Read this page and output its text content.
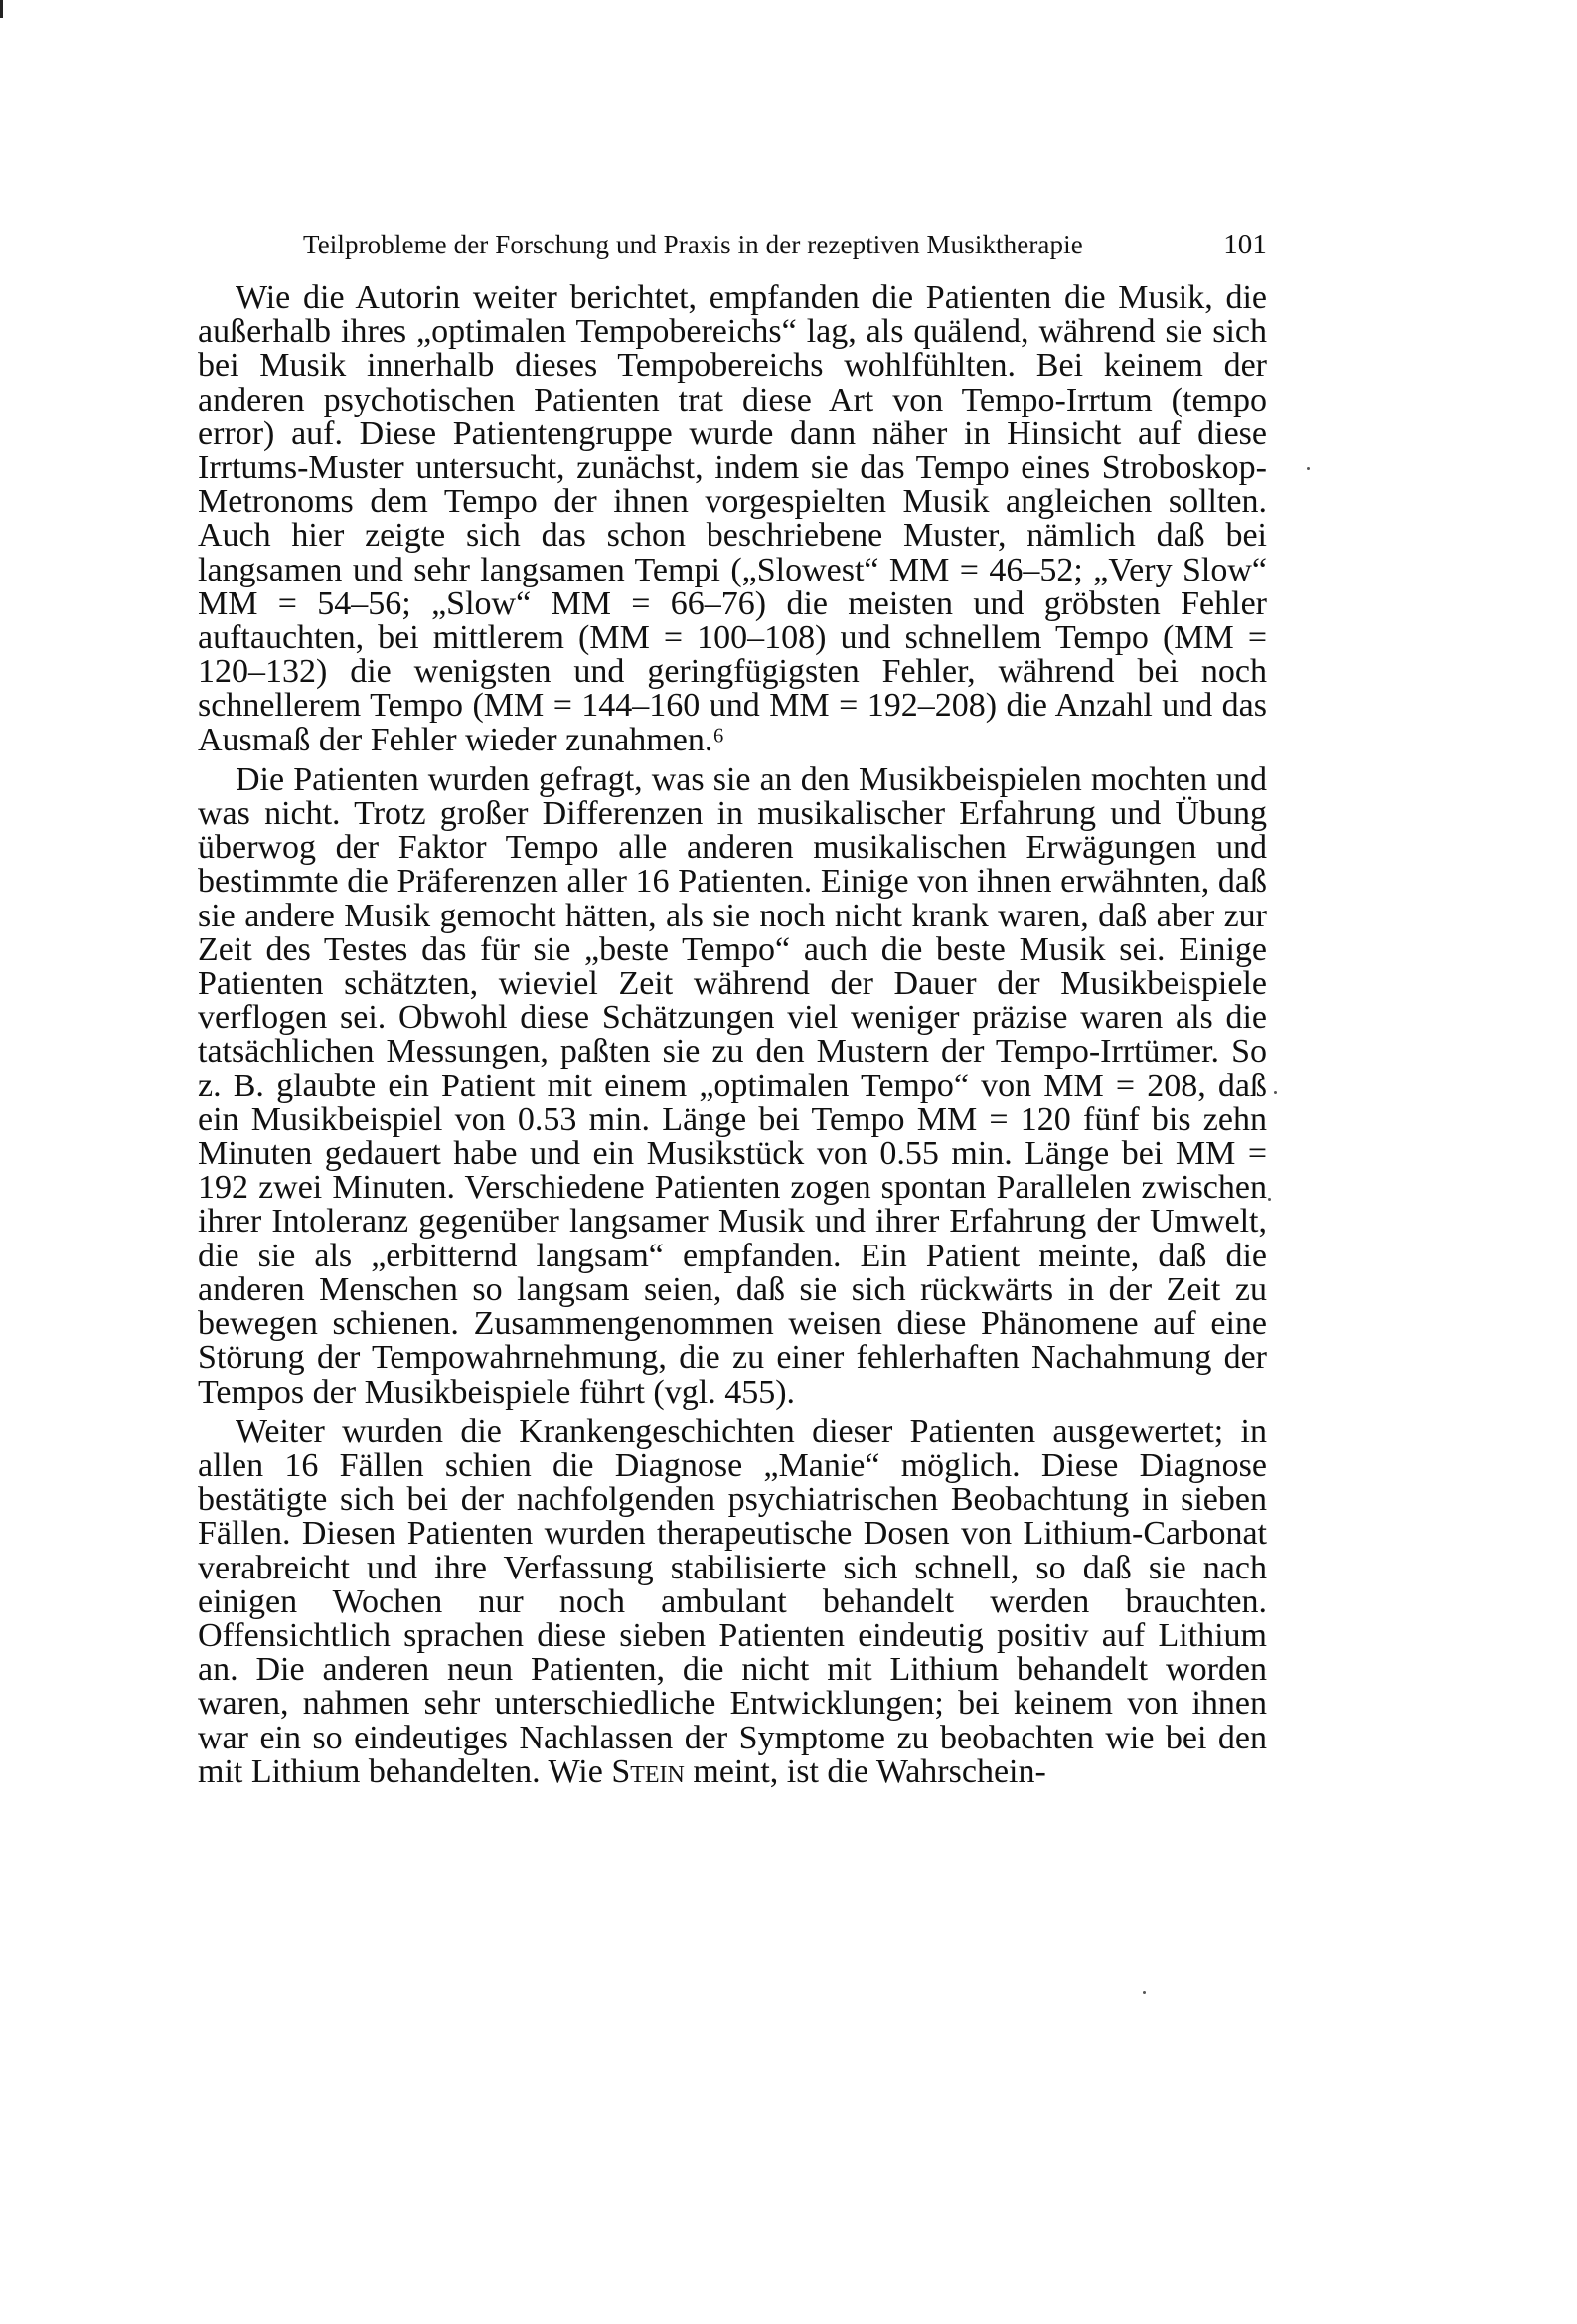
Teilprobleme der Forschung und Praxis in der rezeptiven Musiktherapie	101

Wie die Autorin weiter berichtet, empfanden die Patienten die Musik, die außerhalb ihres „optimalen Tempobereichs“ lag, als quälend, während sie sich bei Musik innerhalb dieses Tempobereichs wohlfühlten. Bei keinem der anderen psychotischen Patienten trat diese Art von Tempo-Irrtum (tempo error) auf. Diese Patientengruppe wurde dann näher in Hinsicht auf diese Irrtums-Muster untersucht, zunächst, indem sie das Tempo eines Stroboskop-Metronoms dem Tempo der ihnen vorgespielten Musik angleichen sollten. Auch hier zeigte sich das schon beschriebene Muster, nämlich daß bei langsamen und sehr langsamen Tempi („Slowest“ MM = 46–52; „Very Slow“ MM = 54–56; „Slow“ MM = 66–76) die meisten und gröbsten Fehler auftauchten, bei mittlerem (MM = 100–108) und schnellem Tempo (MM = 120–132) die wenigsten und geringfügigsten Fehler, während bei noch schnellerem Tempo (MM = 144–160 und MM = 192–208) die Anzahl und das Ausmaß der Fehler wieder zunahmen.⁶

Die Patienten wurden gefragt, was sie an den Musikbeispielen mochten und was nicht. Trotz großer Differenzen in musikalischer Erfahrung und Übung überwog der Faktor Tempo alle anderen musikalischen Erwägungen und bestimmte die Präferenzen aller 16 Patienten. Einige von ihnen erwähnten, daß sie andere Musik gemocht hätten, als sie noch nicht krank waren, daß aber zur Zeit des Testes das für sie „beste Tempo“ auch die beste Musik sei. Einige Patienten schätzten, wieviel Zeit während der Dauer der Musikbeispiele verflogen sei. Obwohl diese Schätzungen viel weniger präzise waren als die tatsächlichen Messungen, paßten sie zu den Mustern der Tempo-Irrtümer. So z. B. glaubte ein Patient mit einem „optimalen Tempo“ von MM = 208, daß ein Musikbeispiel von 0.53 min. Länge bei Tempo MM = 120 fünf bis zehn Minuten gedauert habe und ein Musikstück von 0.55 min. Länge bei MM = 192 zwei Minuten. Verschiedene Patienten zogen spontan Parallelen zwischen ihrer Intoleranz gegenüber langsamer Musik und ihrer Erfahrung der Umwelt, die sie als „erbitternd langsam“ empfanden. Ein Patient meinte, daß die anderen Menschen so langsam seien, daß sie sich rückwärts in der Zeit zu bewegen schienen. Zusammengenommen weisen diese Phänomene auf eine Störung der Tempowahrnehmung, die zu einer fehlerhaften Nachahmung der Tempos der Musikbeispiele führt (vgl. 455).

Weiter wurden die Krankengeschichten dieser Patienten ausgewertet; in allen 16 Fällen schien die Diagnose „Manie“ möglich. Diese Diagnose bestätigte sich bei der nachfolgenden psychiatrischen Beobachtung in sieben Fällen. Diesen Patienten wurden therapeutische Dosen von Lithium-Carbonat verabreicht und ihre Verfassung stabilisierte sich schnell, so daß sie nach einigen Wochen nur noch ambulant behandelt werden brauchten. Offensichtlich sprachen diese sieben Patienten eindeutig positiv auf Lithium an. Die anderen neun Patienten, die nicht mit Lithium behandelt worden waren, nahmen sehr unterschiedliche Entwicklungen; bei keinem von ihnen war ein so eindeutiges Nachlassen der Symptome zu beobachten wie bei den mit Lithium behandelten. Wie Stein meint, ist die Wahrschein-
